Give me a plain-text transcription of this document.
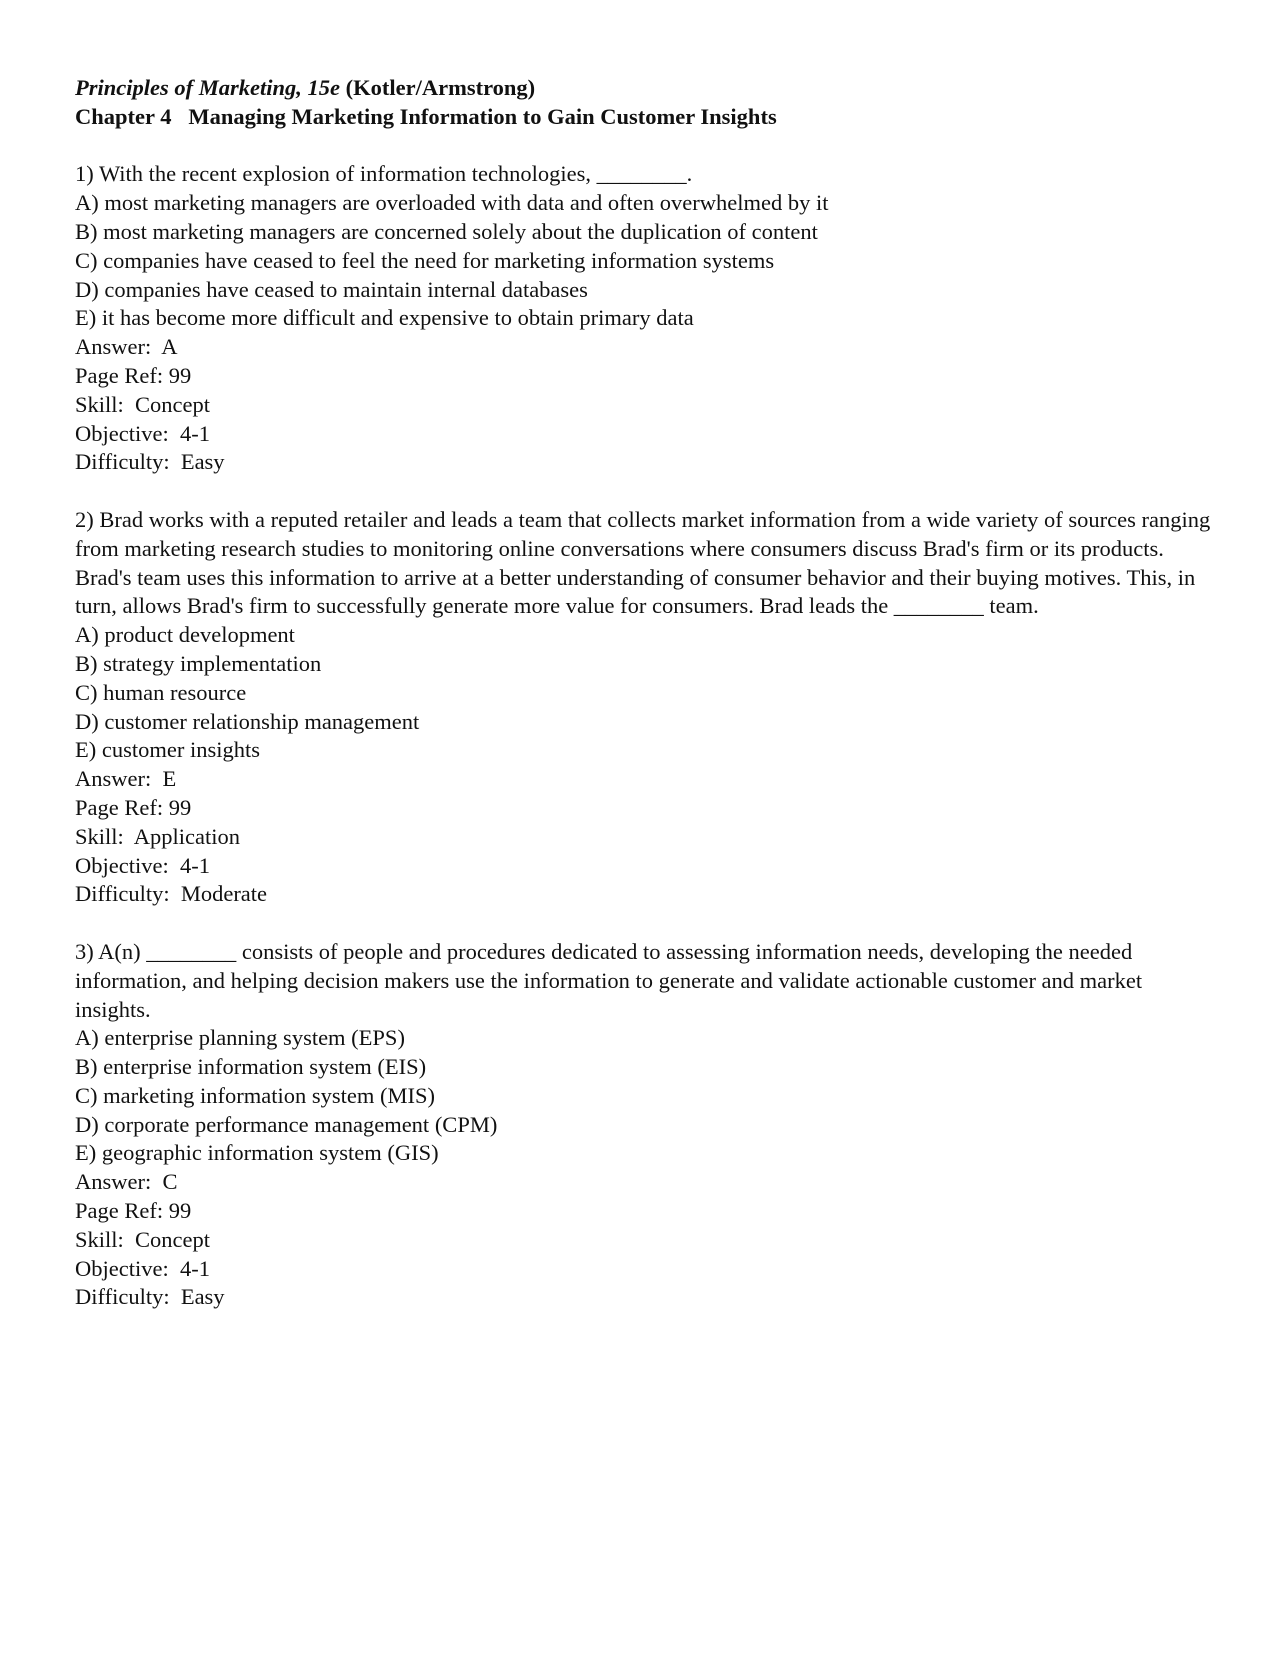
Principles of Marketing, 15e (Kotler/Armstrong)
Chapter 4   Managing Marketing Information to Gain Customer Insights

1) With the recent explosion of information technologies, ________.

A) most marketing managers are overloaded with data and often overwhelmed by it
B) most marketing managers are concerned solely about the duplication of content
C) companies have ceased to feel the need for marketing information systems
D) companies have ceased to maintain internal databases
E) it has become more difficult and expensive to obtain primary data
Answer:  A
Page Ref: 99
Skill:  Concept
Objective:  4-1
Difficulty:  Easy

2) Brad works with a reputed retailer and leads a team that collects market information from a wide variety of sources ranging from marketing research studies to monitoring online conversations where consumers discuss Brad's firm or its products. Brad's team uses this information to arrive at a better understanding of consumer behavior and their buying motives. This, in turn, allows Brad's firm to successfully generate more value for consumers. Brad leads the ________ team.

A) product development
B) strategy implementation
C) human resource
D) customer relationship management
E) customer insights
Answer:  E
Page Ref: 99
Skill:  Application
Objective:  4-1
Difficulty:  Moderate

3) A(n) ________ consists of people and procedures dedicated to assessing information needs, developing the needed information, and helping decision makers use the information to generate and validate actionable customer and market insights.

A) enterprise planning system (EPS)
B) enterprise information system (EIS)
C) marketing information system (MIS)
D) corporate performance management (CPM)
E) geographic information system (GIS)
Answer:  C
Page Ref: 99
Skill:  Concept
Objective:  4-1
Difficulty:  Easy
